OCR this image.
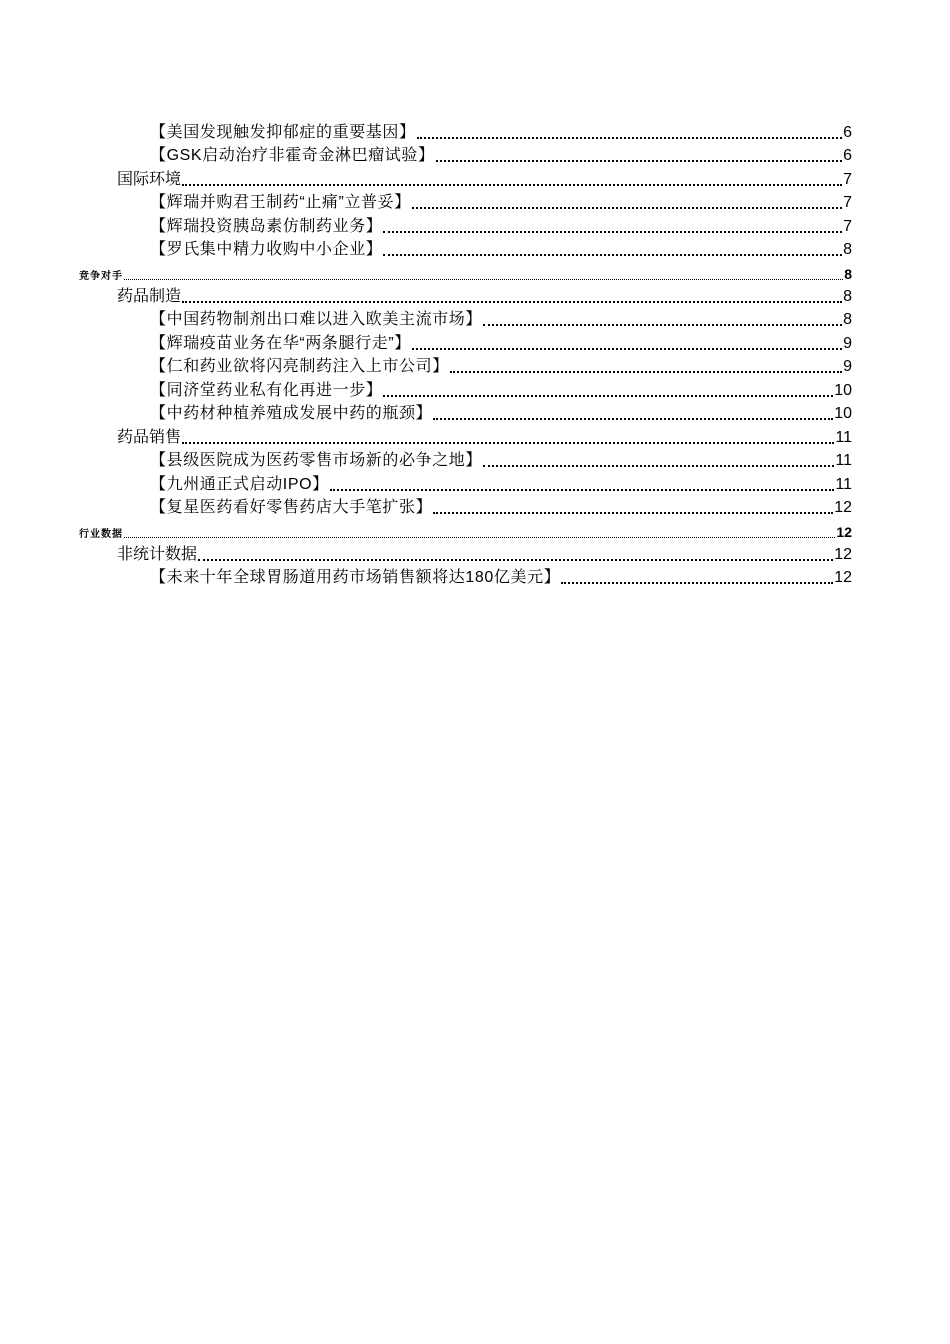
【美国发现触发抑郁症的重要基因】	6
【GSK启动治疗非霍奇金淋巴瘤试验】	6
国际环境	7
【辉瑞并购君王制药“止痛”立普妥】	7
【辉瑞投资胰岛素仿制药业务】	7
【罗氏集中精力收购中小企业】	8
竞争对手	8
药品制造	8
【中国药物制剂出口难以进入欧美主流市场】	8
【辉瑞疫苗业务在华“两条腿行走”】	9
【仁和药业欲将闪亮制药注入上市公司】	9
【同济堂药业私有化再进一步】	10
【中药材种植养殖成发展中药的瓶颈】	10
药品销售	11
【县级医院成为医药零售市场新的必争之地】	11
【九州通正式启动IPO】	11
【复星医药看好零售药店大手笔扩张】	12
行业数据	12
非统计数据	12
【未来十年全球胃肠道用药市场销售额将达180亿美元】	12
